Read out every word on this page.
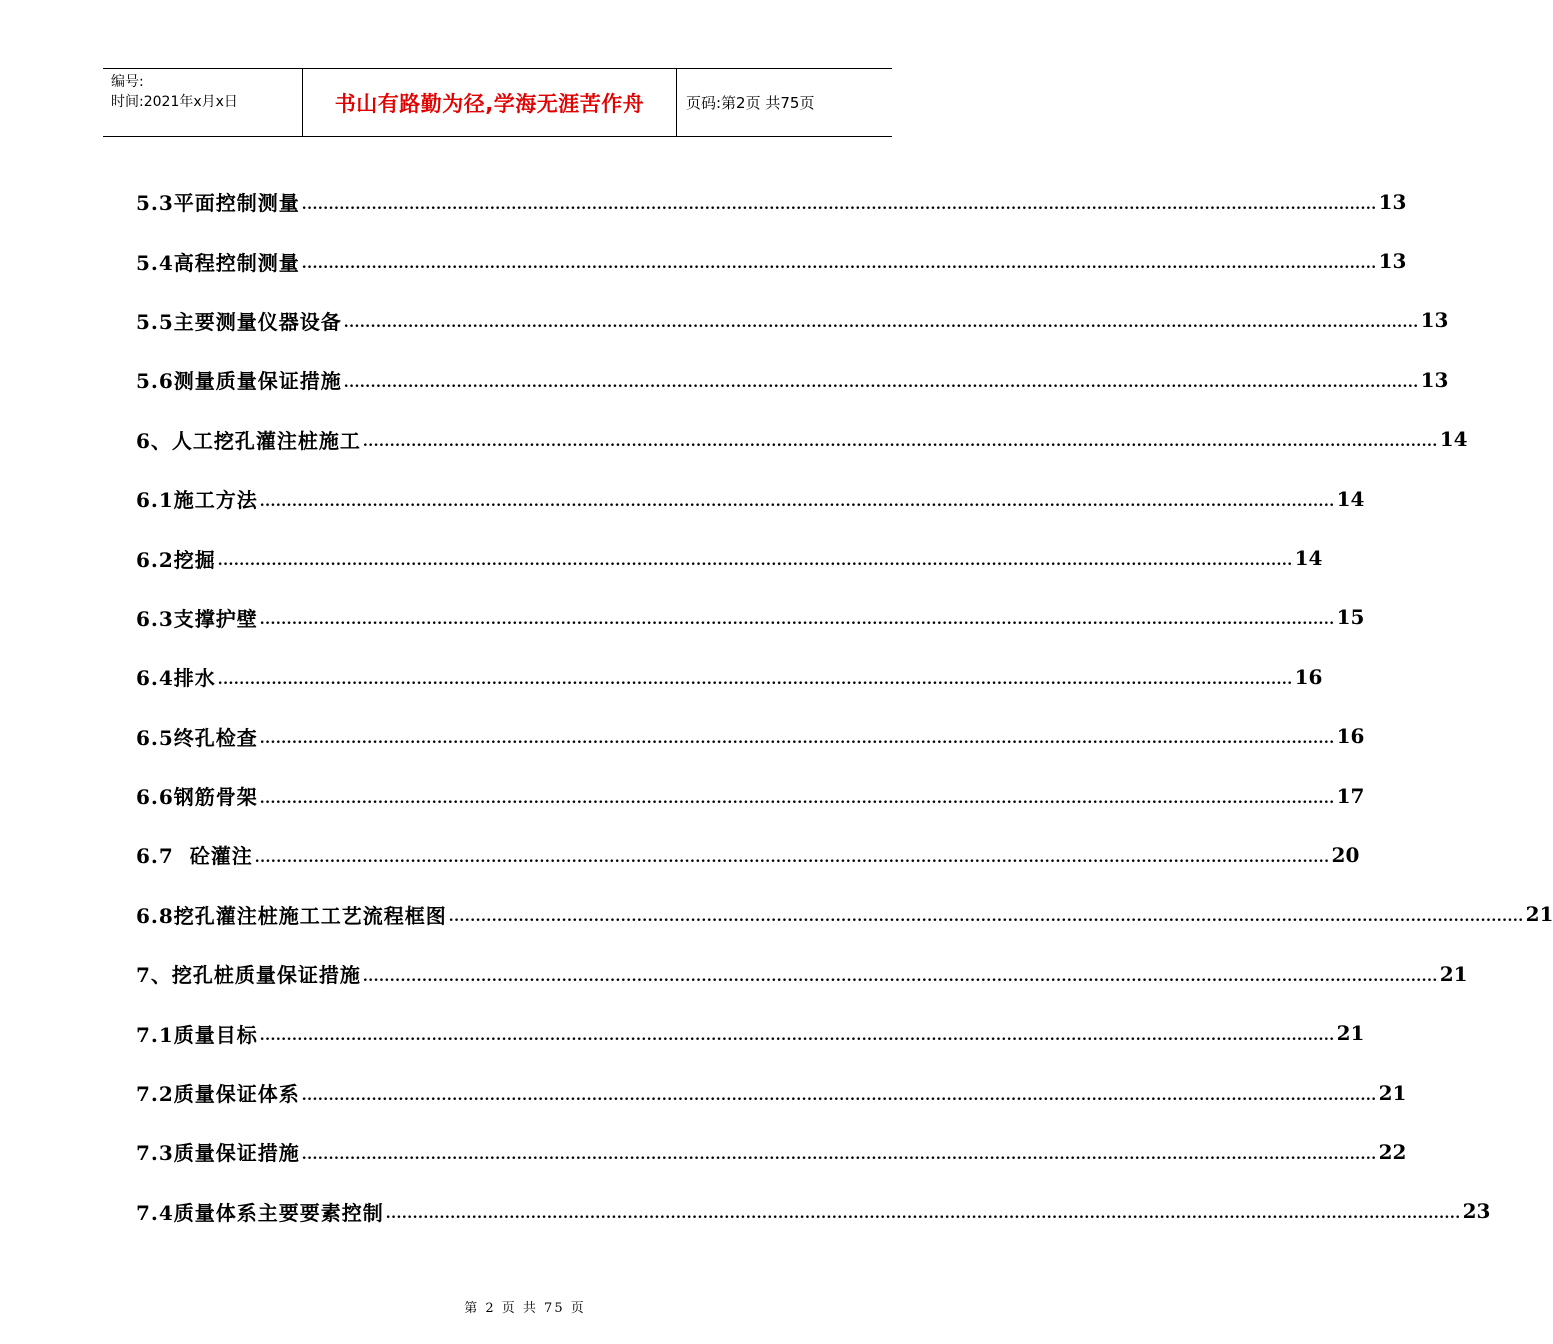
编号:
时间:2021年x月x日	书山有路勤为径,学海无涯苦作舟	页码:第2页 共75页
5.3平面控制测量 ........................................................................................................................................................................................................ 13
5.4高程控制测量 ........................................................................................................................................................................................................ 13
5.5主要测量仪器设备 ........................................................................................................................................................................................................ 13
5.6测量质量保证措施 ........................................................................................................................................................................................................ 13
6、人工挖孔灌注桩施工 ........................................................................................................................................................................................................ 14
6.1施工方法 ........................................................................................................................................................................................................ 14
6.2挖掘 ........................................................................................................................................................................................................ 14
6.3支撑护壁 ........................................................................................................................................................................................................ 15
6.4排水 ........................................................................................................................................................................................................ 16
6.5终孔检查 ........................................................................................................................................................................................................ 16
6.6钢筋骨架 ........................................................................................................................................................................................................ 17
6.7  砼灌注 ........................................................................................................................................................................................................ 20
6.8挖孔灌注桩施工工艺流程框图 ........................................................................................................................................................................................................ 21
7、挖孔桩质量保证措施 ........................................................................................................................................................................................................ 21
7.1质量目标 ........................................................................................................................................................................................................ 21
7.2质量保证体系 ........................................................................................................................................................................................................ 21
7.3质量保证措施 ........................................................................................................................................................................................................ 22
7.4质量体系主要要素控制 ........................................................................................................................................................................................................ 23
第 2 页 共 75 页
